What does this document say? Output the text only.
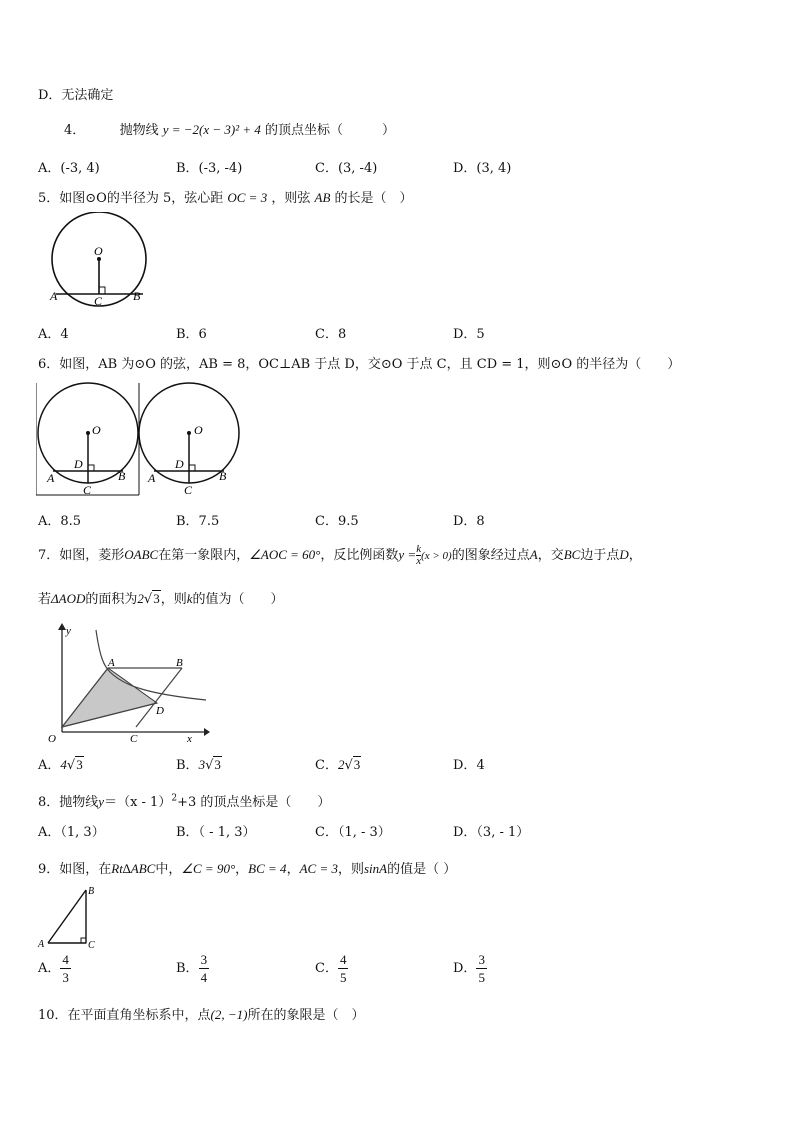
D．无法确定
4．	抛物线 y = −2(x − 3)² + 4 的顶点坐标（　　　）
A．(-3, 4)	B．(-3, -4)	C．(3, -4)	D．(3, 4)
5．如图⊙O的半径为 5，弦心距 OC = 3 ，则弦 AB 的长是（　）
O
A	B
C
A．4	B．6	C．8	D．5
6．如图，AB 为⊙O 的弦，AB = 8，OC⊥AB 于点 D，交⊙O 于点 C，且 CD = 1，则⊙O 的半径为（　　）
O
D
A	B
C
O
D
A	B
C
A．8.5	B．7.5	C．9.5	D．8
7．如图，菱形OABC在第一象限内，∠AOC = 60°，反比例函数$y = \frac{k}{x} (x > 0)$的图象经过点A，交BC边于点D，
若ΔAOD的面积为2√3，则k的值为（　　）
y
x
O
A	B
C
D
A．4√3	B．3√3	C．2√3	D．4
8．抛物线y＝（x - 1）$^2$+3 的顶点坐标是（　　）
A．（1, 3）	B．（ - 1, 3）	C．（1, - 3）	D．（3, - 1）
9．如图，在Rt∆ABC中，∠C = 90°，BC = 4，AC = 3，则sinA的值是（ ）
B
A	C
A． $\frac{4}{3}$	B． $\frac{3}{4}$	C． $\frac{4}{5}$	D． $\frac{3}{5}$
10．在平面直角坐标系中，点(2, −1)所在的象限是（　）
